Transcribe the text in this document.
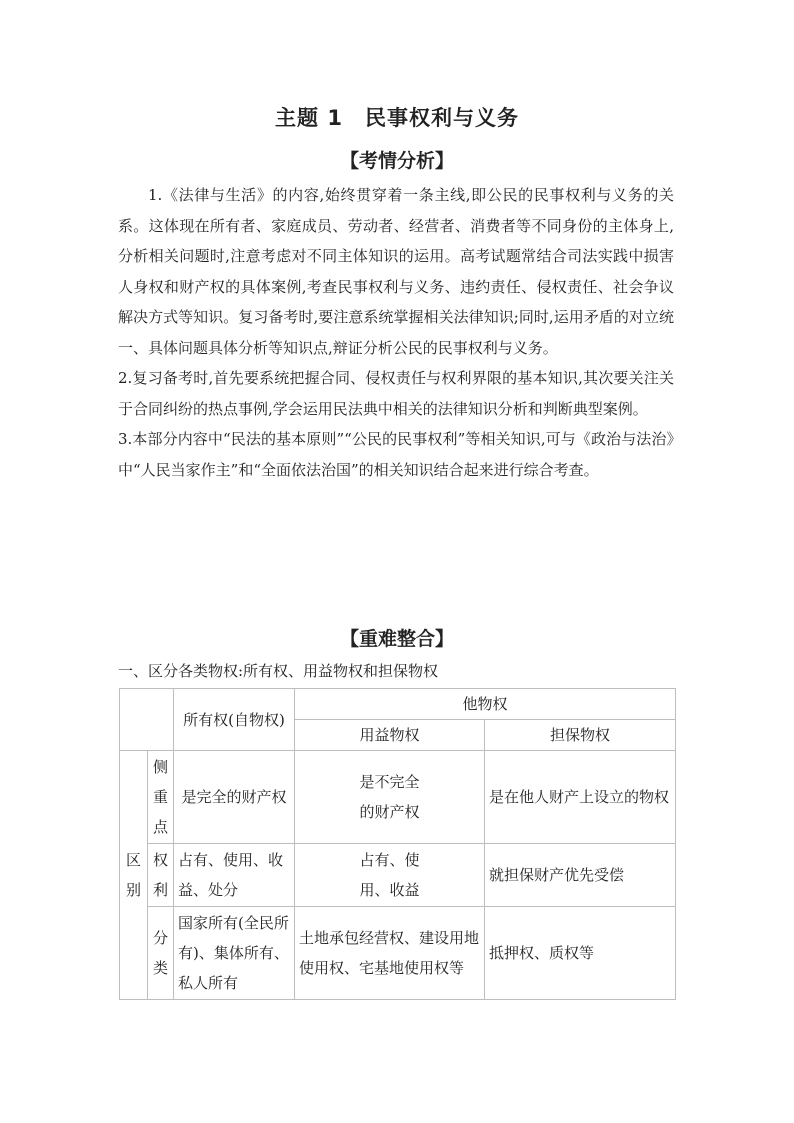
主题 1　民事权利与义务
【考情分析】

1.《法律与生活》的内容,始终贯穿着一条主线,即公民的民事权利与义务的关系。这体现在所有者、家庭成员、劳动者、经营者、消费者等不同身份的主体身上,分析相关问题时,注意考虑对不同主体知识的运用。高考试题常结合司法实践中损害人身权和财产权的具体案例,考查民事权利与义务、违约责任、侵权责任、社会争议解决方式等知识。复习备考时,要注意系统掌握相关法律知识;同时,运用矛盾的对立统一、具体问题具体分析等知识点,辩证分析公民的民事权利与义务。

2.复习备考时,首先要系统把握合同、侵权责任与权利界限的基本知识,其次要关注关于合同纠纷的热点事例,学会运用民法典中相关的法律知识分析和判断典型案例。

3.本部分内容中“民法的基本原则”“公民的民事权利”等相关知识,可与《政治与法治》中“人民当家作主”和“全面依法治国”的相关知识结合起来进行综合考查。

【重难整合】
一、区分各类物权:所有权、用益物权和担保物权
		所有权(自物权)	他物权	
			用益物权	担保物权
区别	侧重点	是完全的财产权	是不完全的财产权	是在他人财产上设立的物权
	权利	占有、使用、收益、处分	占有、使用、收益	就担保财产优先受偿
	分类	国家所有(全民所有)、集体所有、私人所有	土地承包经营权、建设用地使用权、宅基地使用权等	抵押权、质权等
